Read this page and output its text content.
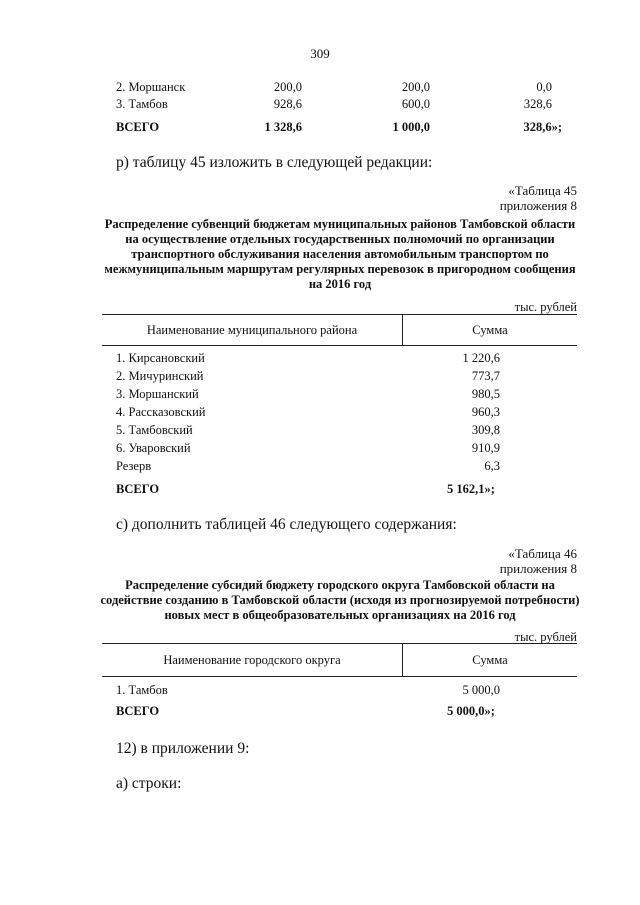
309
2. Моршанск	200,0	200,0	0,0
3. Тамбов	928,6	600,0	328,6
ВСЕГО	1 328,6	1 000,0	328,6»;
р) таблицу 45 изложить в следующей редакции:
«Таблица 45
приложения 8
Распределение субвенций бюджетам муниципальных районов Тамбовской области на осуществление отдельных государственных полномочий по организации транспортного обслуживания населения автомобильным транспортом по межмуниципальным маршрутам регулярных перевозок в пригородном сообщения на 2016 год
тыс. рублей
Наименование муниципального района	Сумма
1. Кирсановский	1 220,6
2. Мичуринский	773,7
3. Моршанский	980,5
4. Рассказовский	960,3
5. Тамбовский	309,8
6. Уваровский	910,9
Резерв	6,3
ВСЕГО	5 162,1»;
с) дополнить таблицей 46 следующего содержания:
«Таблица 46
приложения 8
Распределение субсидий бюджету городского округа Тамбовской области на содействие созданию в Тамбовской области (исходя из прогнозируемой потребности) новых мест в общеобразовательных организациях на 2016 год
тыс. рублей
Наименование городского округа	Сумма
1. Тамбов	5 000,0
ВСЕГО	5 000,0»;
12) в приложении 9:
а) строки:
